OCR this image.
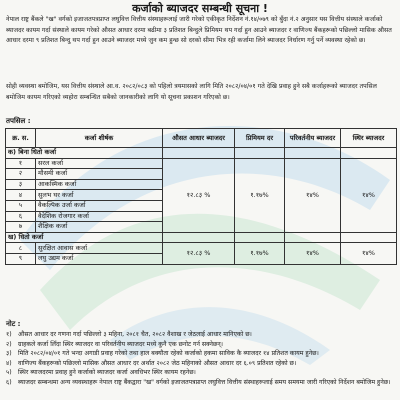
कर्जाको ब्याजदर सम्बन्धी सूचना !

नेपाल राष्ट्र बैंकले "ख" वर्गको इजाजतपत्रप्राप्त लघुवित्त वित्तीय संस्थाहरूलाई जारी गरेको एकीकृत निर्देशन नं.१४/०७९ को बुँदा नं.२ अनुसार यस वित्तीय संस्थाले कर्जाको ब्याजदर कायम गर्दा संस्थाले कायम गरेको औसत आधार दरमा बढीमा ३ प्रतिशत बिन्दुले प्रिमियम थप गर्दा हुन आउने ब्याजदर र वाणिज्य बैंकहरूको पछिल्लो मासिक औसत आधार दरमा ९ प्रतिशत बिन्दु थप गर्दा हुन आउने ब्याजदर मध्ये जुन कम हुन्छ सो दरको सीमा भित्र रही कर्जामा लिने ब्याजदर निर्धारण गर्नु पर्ने व्यवस्था रहेको छ।

सोही व्यवस्था बमोजिम, यस वित्तीय संस्थाले आ.व. २०८२/०८३ को पहिलो त्रयमासको लागि मिति २०८२/०४/०१ गते देखि प्रवाह हुने सबै कर्जाहरूको ब्याजदर तपसिल बमोजिम कायम गरिएको व्यहोरा सम्बन्धित सबैको जानकारीको लागि यो सूचना प्रकाशन गरिएको छ।

तपसिल :
क्र. स.	कर्जा शीर्षक	औसत आधार ब्याजदर	प्रिमियम दर	परिवर्तनीय ब्याजदर	स्थिर ब्याजदर
क) बिना धितो कर्जा					
१	सरल कर्जा	१२.८३ %	१.१७%	१४%	१४%
२	मौसमी कर्जा				
३	आकस्मिक कर्जा				
४	सुलभ घर कर्जा				
५	वैकल्पिक उर्जा कर्जा				
६	वैदेशिक रोजगार कर्जा				
७	शैक्षिक कर्जा				
ख) धितो कर्जा					
८	सुरक्षित आवास कर्जा	१२.८३ %	१.१७%	१४%	१४%
९	लघु उद्यम कर्जा				
नोट :
१)	औसत आधार दर गणना गर्दा पछिल्लो ३ महिना, २०८१ चैत, २०८२ वैशाख र जेठलाई आधार मानिएको छ।
२)	ग्राहकले कर्जा लिँदा स्थिर ब्याजदर वा परिवर्तनीय ब्याजदर मध्ये कुनै एक छनोट गर्न सक्नेछन्।
३)	मिति २०८२/०४/०१ गते भन्दा अगाडी प्रवाह गरेको तथा हाल बक्यौता रहेको कर्जाको हकमा साविक कै ब्याजदर १४ प्रतिशत कायम हुनेछ।
४)	वाणिज्य बैंकहरूको पछिल्लो मासिक औसत आधार दर अर्थात २०८२ जेठ महिनाको औसत आधार दर ६.०९ प्रतिशत रहेको छ।
५)	स्थिर ब्याजदरमा प्रवाह हुने कर्जाको ब्याजदर कर्जा अवधिभर स्थिर कायम रहनेछ।
६)	ब्याजदर सम्बन्धमा अन्य व्यवस्थाहरू नेपाल राष्ट्र बैंकद्वारा "ख" वर्गको इजाजतपत्रप्राप्त लघुवित्त वित्तीय संस्थाहरूलाई समय समयमा जारी गरिएको निर्देशन बमोजिम हुनेछ।
